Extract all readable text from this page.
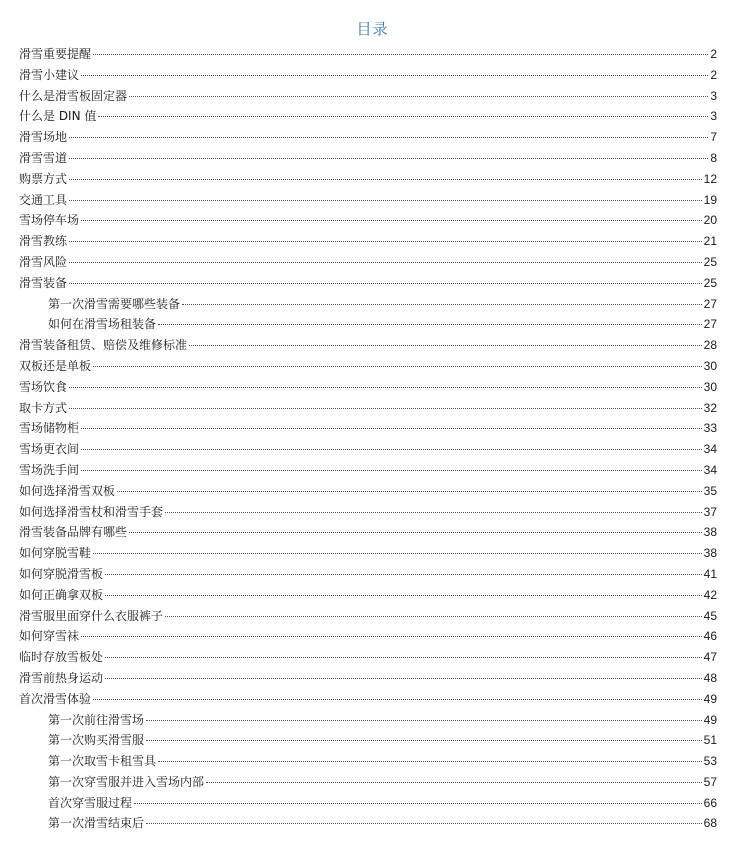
目录
滑雪重要提醒	2
滑雪小建议	2
什么是滑雪板固定器	3
什么是 DIN 值	3
滑雪场地	7
滑雪雪道	8
购票方式	12
交通工具	19
雪场停车场	20
滑雪教练	21
滑雪风险	25
滑雪装备	25
第一次滑雪需要哪些装备	27
如何在滑雪场租装备	27
滑雪装备租赁、赔偿及维修标准	28
双板还是单板	30
雪场饮食	30
取卡方式	32
雪场储物柜	33
雪场更衣间	34
雪场洗手间	34
如何选择滑雪双板	35
如何选择滑雪杖和滑雪手套	37
滑雪装备品牌有哪些	38
如何穿脱雪鞋	38
如何穿脱滑雪板	41
如何正确拿双板	42
滑雪服里面穿什么衣服裤子	45
如何穿雪袜	46
临时存放雪板处	47
滑雪前热身运动	48
首次滑雪体验	49
第一次前往滑雪场	49
第一次购买滑雪服	51
第一次取雪卡租雪具	53
第一次穿雪服并进入雪场内部	57
首次穿雪服过程	66
第一次滑雪结束后	68
